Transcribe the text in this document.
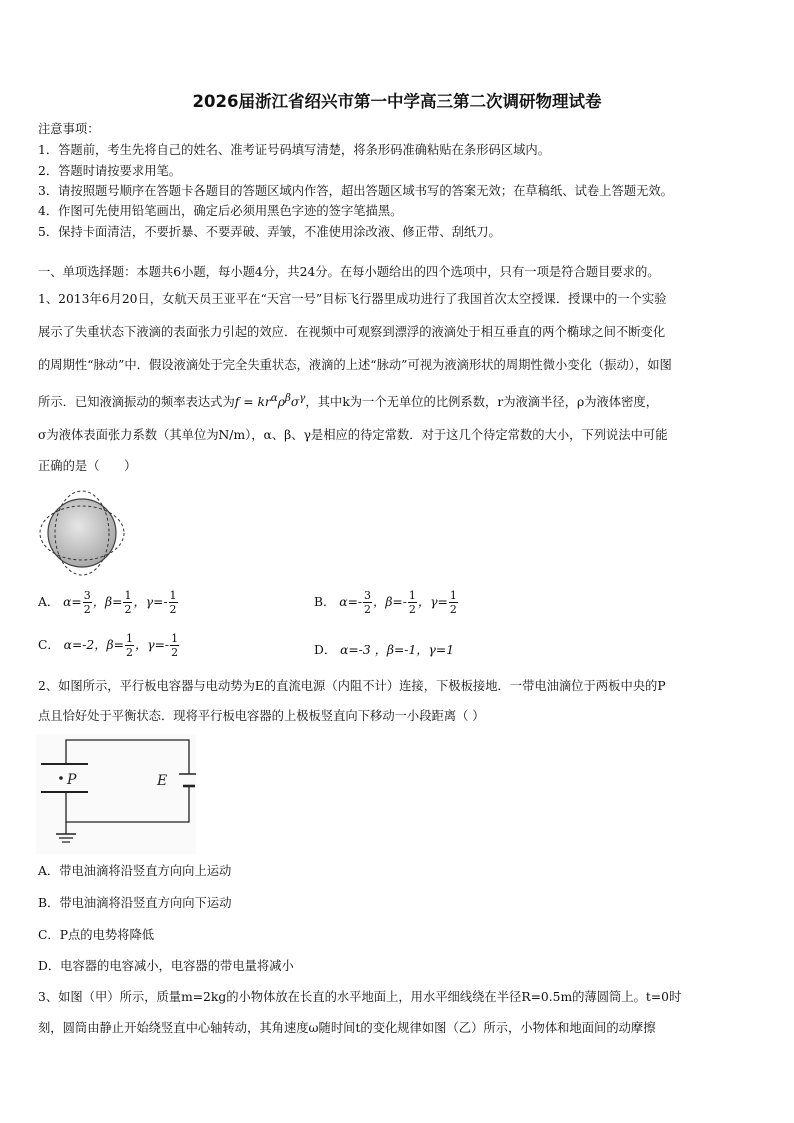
2026届浙江省绍兴市第一中学高三第二次调研物理试卷
注意事项：
1．答题前，考生先将自己的姓名、准考证号码填写清楚，将条形码准确粘贴在条形码区域内。
2．答题时请按要求用笔。
3．请按照题号顺序在答题卡各题目的答题区域内作答，超出答题区域书写的答案无效；在草稿纸、试卷上答题无效。
4．作图可先使用铅笔画出，确定后必须用黑色字迹的签字笔描黑。
5．保持卡面清洁，不要折暴、不要弄破、弄皱，不准使用涂改液、修正带、刮纸刀。
一、单项选择题：本题共6小题，每小题4分，共24分。在每小题给出的四个选项中，只有一项是符合题目要求的。
1、2013年6月20日，女航天员王亚平在“天宫一号”目标飞行器里成功进行了我国首次太空授课．授课中的一个实验
展示了失重状态下液滴的表面张力引起的效应．在视频中可观察到漂浮的液滴处于相互垂直的两个椭球之间不断变化
的周期性“脉动”中．假设液滴处于完全失重状态，液滴的上述“脉动”可视为液滴形状的周期性微小变化（振动），如图
所示．已知液滴振动的频率表达式为$f = kr^\alpha\rho^\beta\sigma^\gamma$，其中k为一个无单位的比例系数，r为液滴半径，ρ为液体密度，
σ为液体表面张力系数（其单位为N/m），α、β、γ是相应的待定常数．对于这几个待定常数的大小，下列说法中可能
正确的是（　　）
A． $\alpha= \frac{3}{2}$ ，$\beta= \frac{1}{2}$ ，$\gamma=- \frac{1}{2}$	B． $\alpha=- \frac{3}{2}$ ，$\beta=- \frac{1}{2}$ ，$\gamma= \frac{1}{2}$
C． α=-2，$\beta= \frac{1}{2}$ ，$\gamma=- \frac{1}{2}$	D． α=-3 ，β=-1，γ=1
2、如图所示，平行板电容器与电动势为E的直流电源（内阻不计）连接，下极板接地．一带电油滴位于两板中央的P
点且恰好处于平衡状态．现将平行板电容器的上极板竖直向下移动一小段距离（ ）
P	E
A．带电油滴将沿竖直方向向上运动
B．带电油滴将沿竖直方向向下运动
C．P点的电势将降低
D．电容器的电容减小，电容器的带电量将减小
3、如图（甲）所示，质量m=2kg的小物体放在长直的水平地面上，用水平细线绕在半径R=0.5m的薄圆筒上。t=0时
刻，圆筒由静止开始绕竖直中心轴转动，其角速度ω随时间t的变化规律如图（乙）所示，小物体和地面间的动摩擦
